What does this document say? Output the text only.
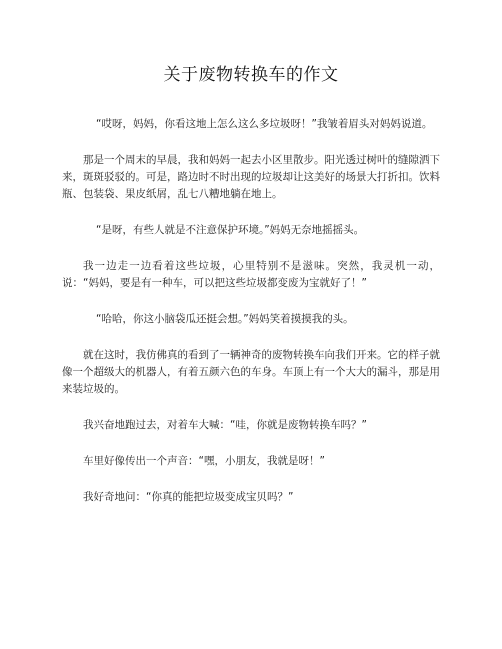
关于废物转换车的作文

“哎呀，妈妈，你看这地上怎么这么多垃圾呀！”我皱着眉头对妈妈说道。

那是一个周末的早晨，我和妈妈一起去小区里散步。阳光透过树叶的缝隙洒下来，斑斑驳驳的。可是，路边时不时出现的垃圾却让这美好的场景大打折扣。饮料瓶、包装袋、果皮纸屑，乱七八糟地躺在地上。

“是呀，有些人就是不注意保护环境。”妈妈无奈地摇摇头。

我一边走一边看着这些垃圾，心里特别不是滋味。突然，我灵机一动，说：“妈妈，要是有一种车，可以把这些垃圾都变废为宝就好了！”

“哈哈，你这小脑袋瓜还挺会想。”妈妈笑着摸摸我的头。

就在这时，我仿佛真的看到了一辆神奇的废物转换车向我们开来。它的样子就像一个超级大的机器人，有着五颜六色的车身。车顶上有一个大大的漏斗，那是用来装垃圾的。

我兴奋地跑过去，对着车大喊：“哇，你就是废物转换车吗？”

车里好像传出一个声音：“嘿，小朋友，我就是呀！”

我好奇地问：“你真的能把垃圾变成宝贝吗？”
